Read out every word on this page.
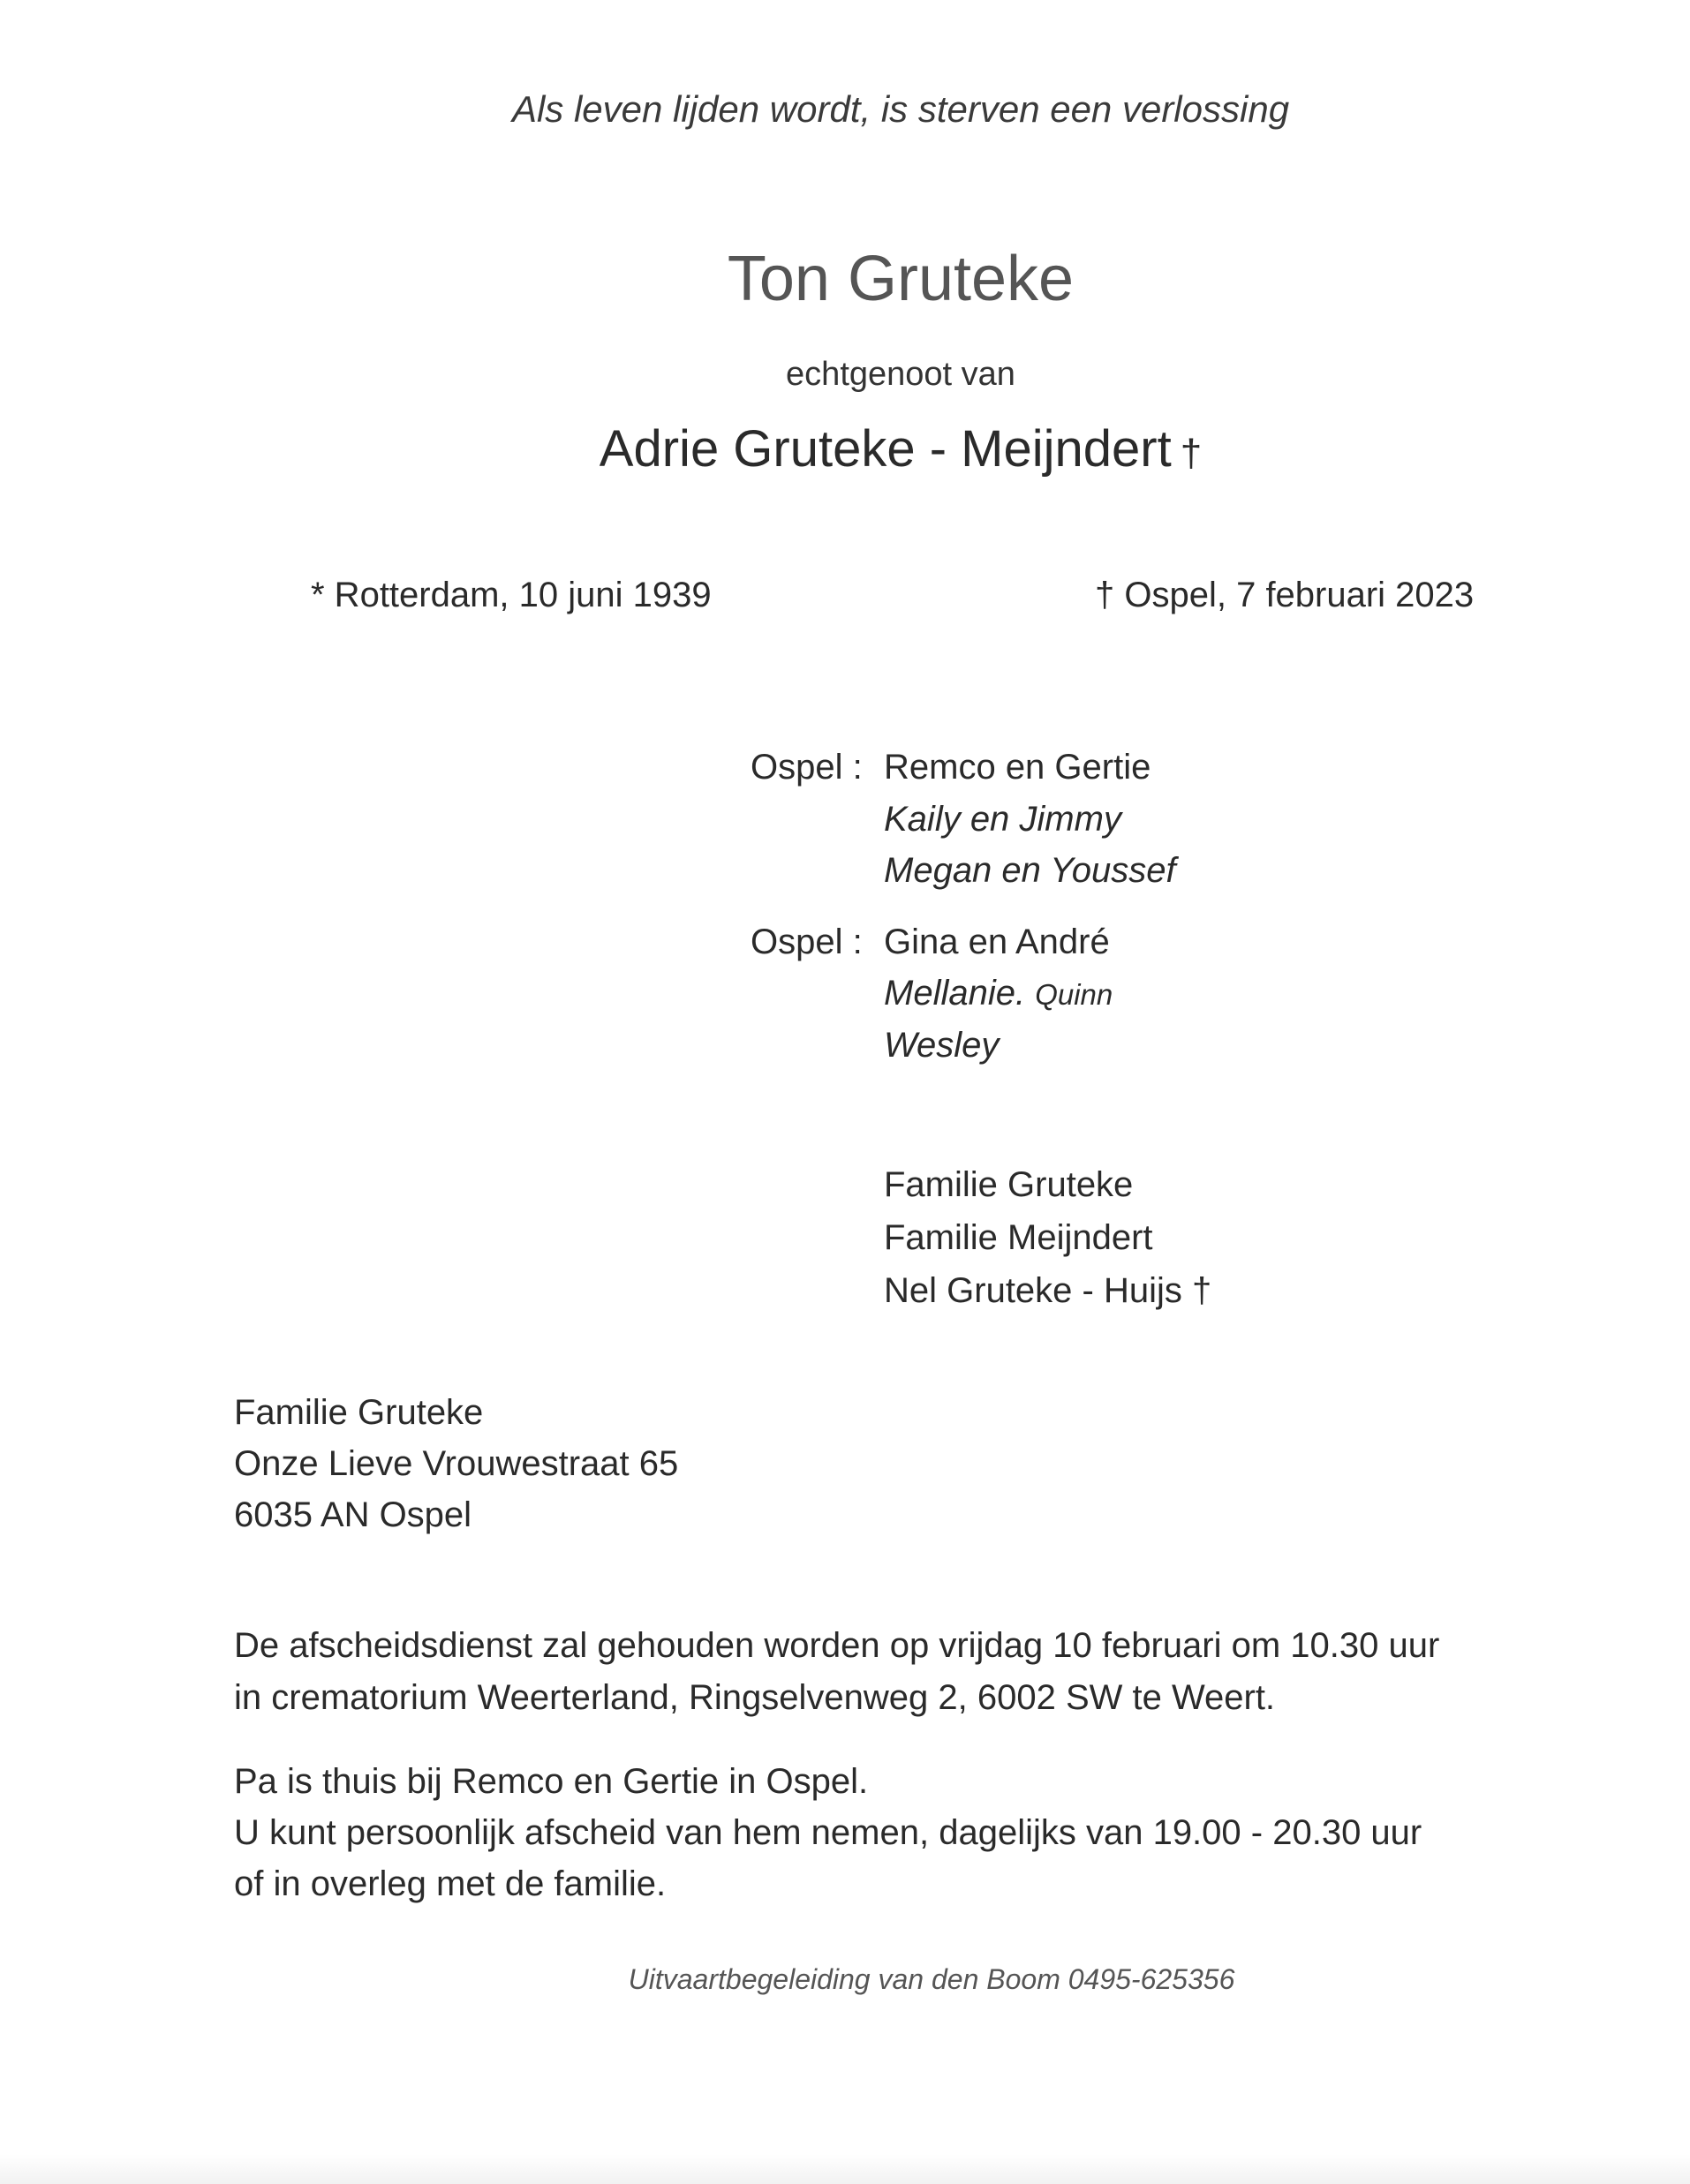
Als leven lijden wordt, is sterven een verlossing

Ton Gruteke

echtgenoot van

Adrie Gruteke - Meijndert †

* Rotterdam, 10 juni 1939	† Ospel, 7 februari 2023

Ospel : Remco en Gertie

Kaily en Jimmy

Megan en Youssef

Ospel : Gina en André

Mellanie. Quinn

Wesley

Familie Gruteke

Familie Meijndert

Nel Gruteke - Huijs †

Familie Gruteke

Onze Lieve Vrouwestraat 65

6035 AN Ospel

De afscheidsdienst zal gehouden worden op vrijdag 10 februari om 10.30 uur

in crematorium Weerterland, Ringselvenweg 2, 6002 SW te Weert.

Pa is thuis bij Remco en Gertie in Ospel.

U kunt persoonlijk afscheid van hem nemen, dagelijks van 19.00 - 20.30 uur

of in overleg met de familie.

Uitvaartbegeleiding van den Boom 0495-625356
